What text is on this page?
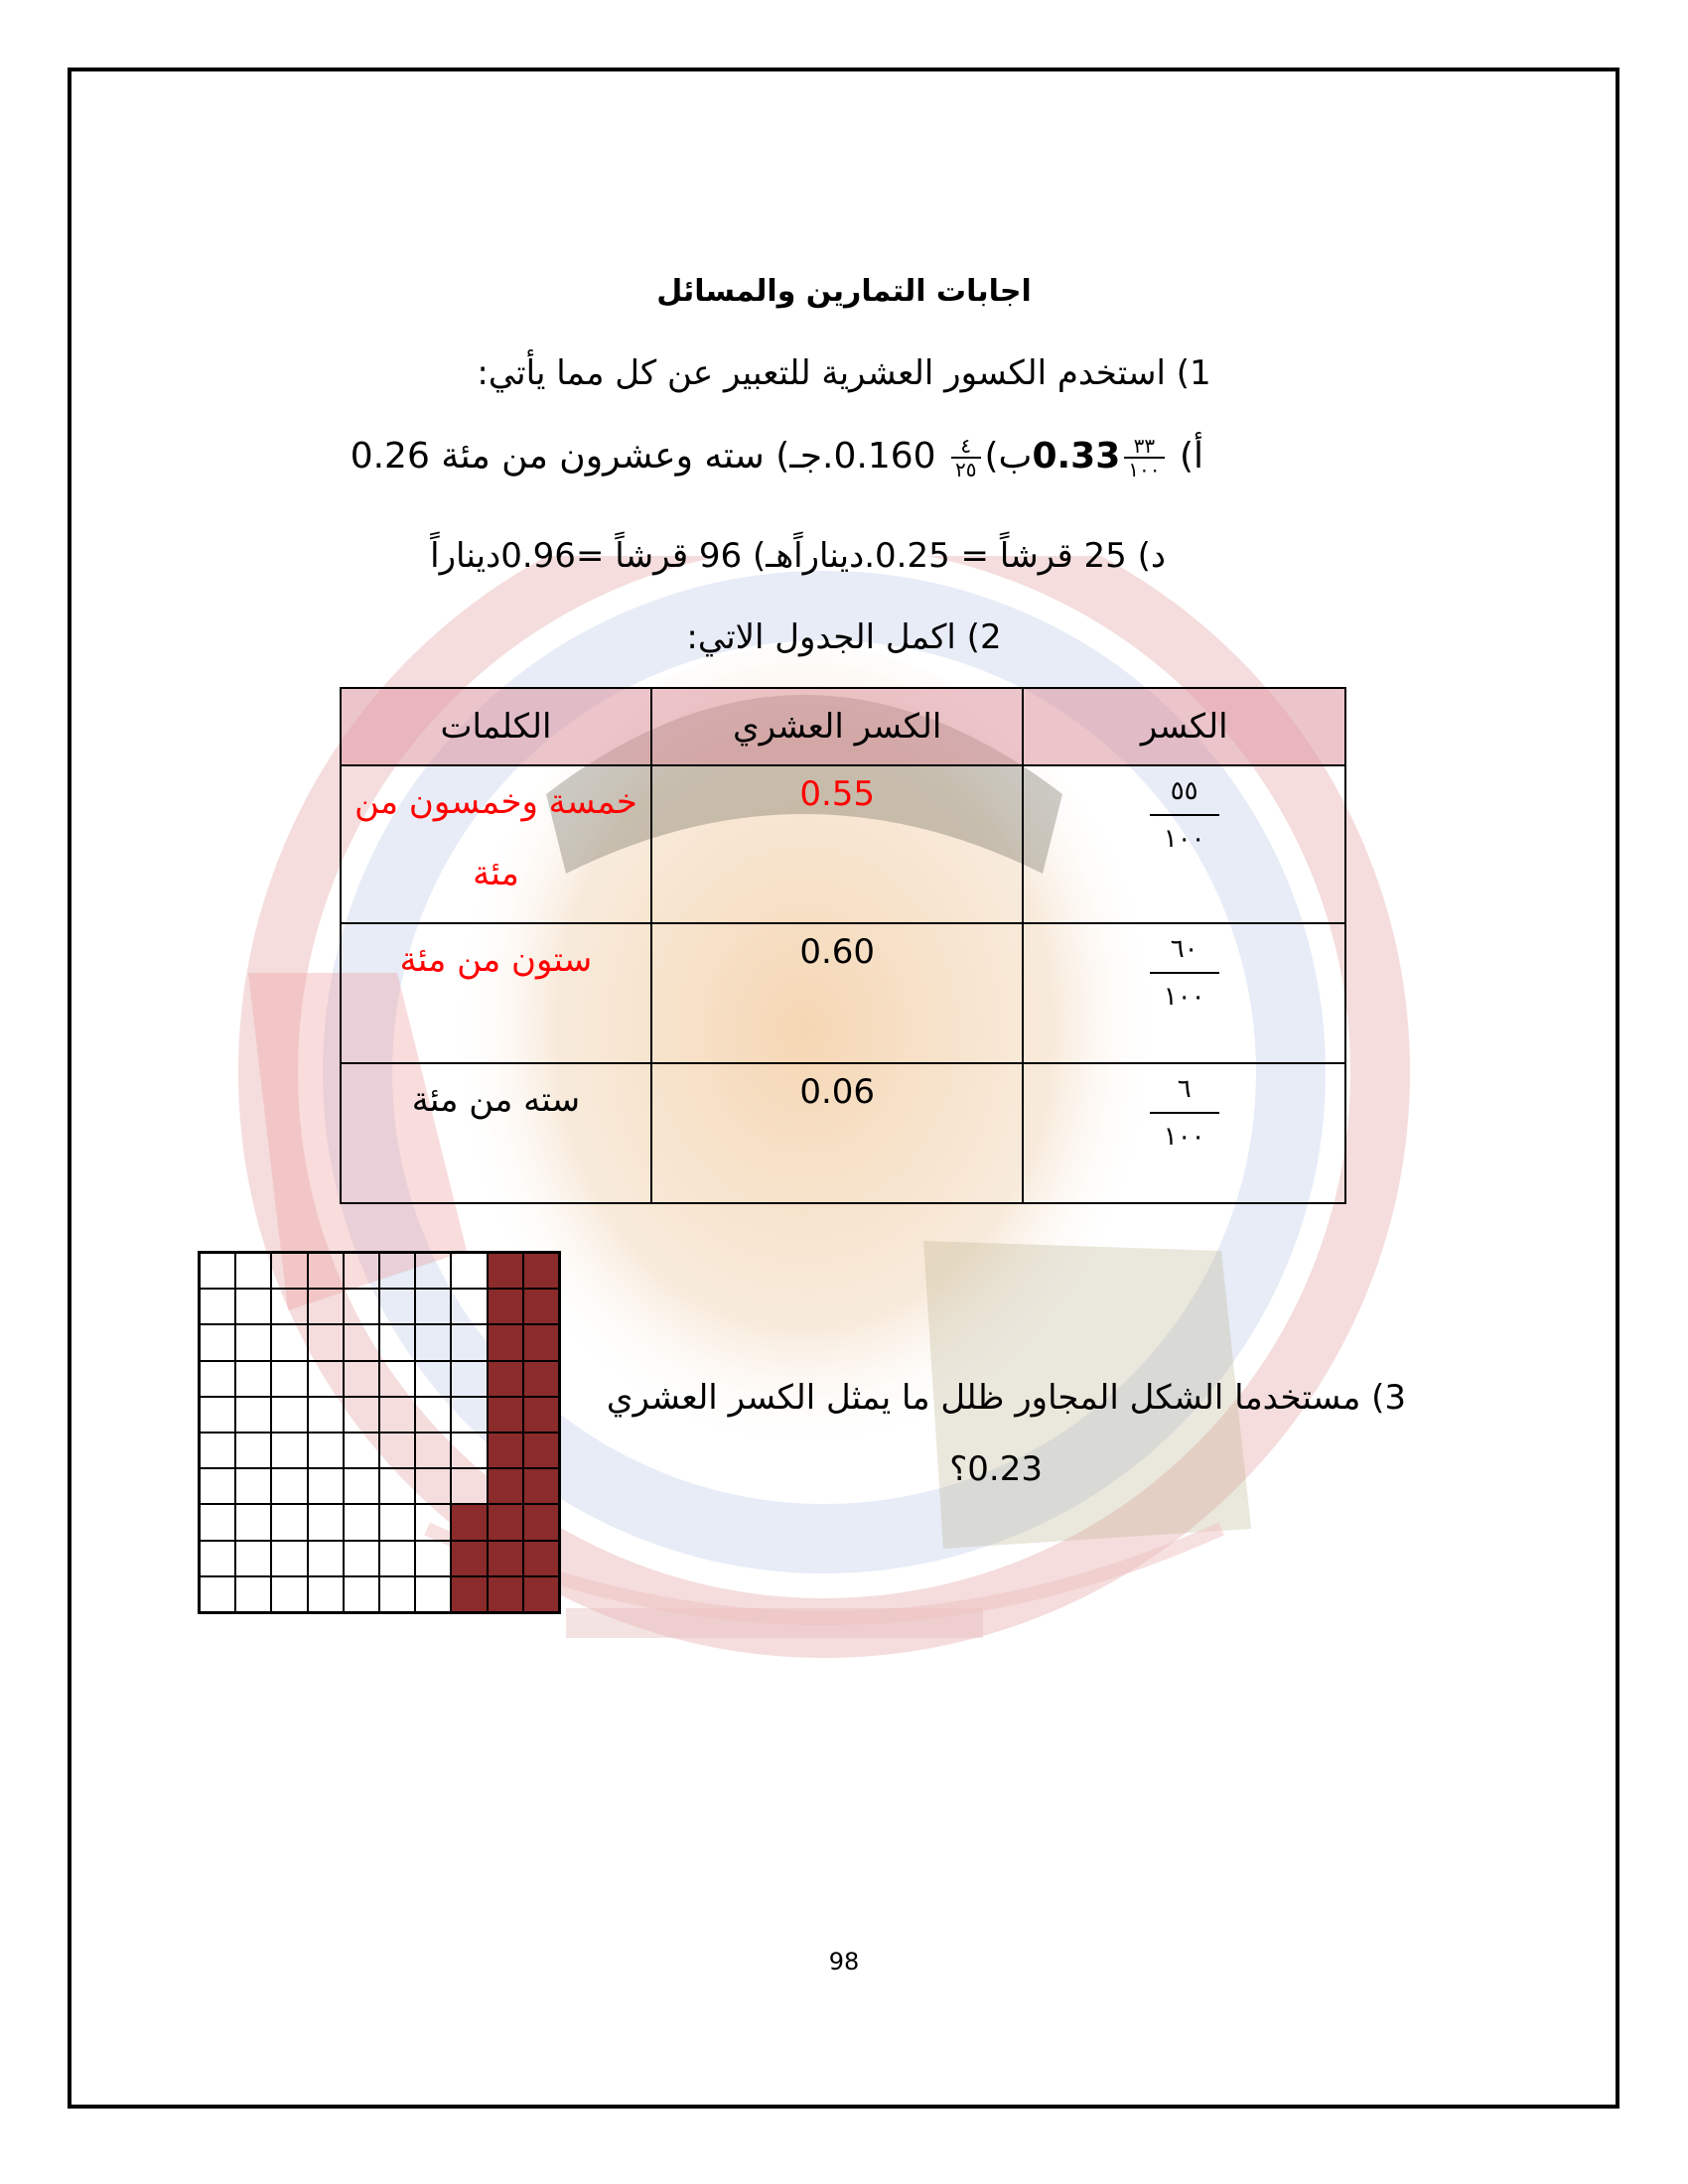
اجابات التمارين والمسائل
1) استخدم الكسور العشرية للتعبير عن كل مما يأتي:
أ)
$\frac{٣٣}{١٠٠}$
0.33ب)
$\frac{٤}{٢٥}$
0.160.جـ) سته وعشرون من مئة 0.26
د) 25 قرشاً = 0.25.ديناراًهـ) 96 قرشاً =0.96ديناراً
2) اكمل الجدول الاتي:
الكسر	الكسر العشري	الكلمات

$\frac{٥٥}{١٠٠}$	0.55	خمسة وخمسون من مئة

$\frac{٦٠}{١٠٠}$	0.60	ستون من مئة

$\frac{٦}{١٠٠}$	0.06	سته من مئة
3) مستخدما الشكل المجاور ظلل ما يمثل الكسر العشري
0.23؟
98
